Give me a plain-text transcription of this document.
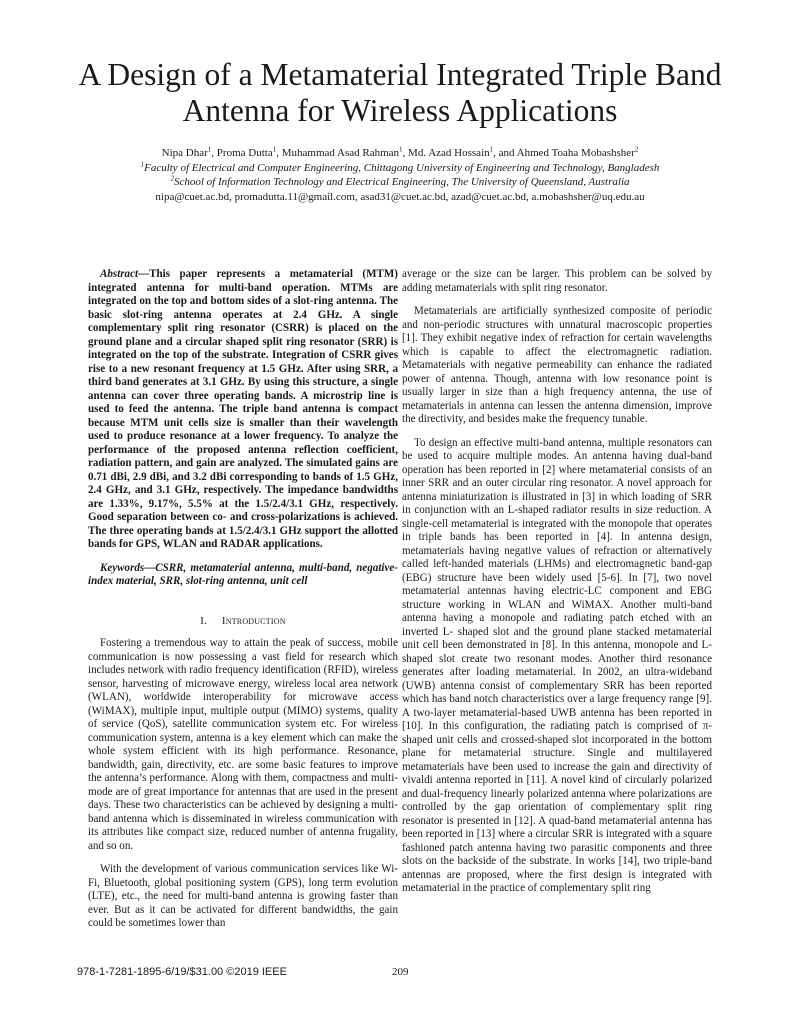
A Design of a Metamaterial Integrated Triple Band
Antenna for Wireless Applications
Nipa Dhar$^1$, Proma Dutta$^1$, Muhammad Asad Rahman$^1$, Md. Azad Hossain$^1$, and Ahmed Toaha Mobashsher$^2$
$^1$Faculty of Electrical and Computer Engineering, Chittagong University of Engineering and Technology, Bangladesh
$^2$School of Information Technology and Electrical Engineering, The University of Queensland, Australia
nipa@cuet.ac.bd, promadutta.11@gmail.com, asad31@cuet.ac.bd, azad@cuet.ac.bd, a.mobashsher@uq.edu.au

Abstract—This paper represents a metamaterial (MTM) integrated antenna for multi-band operation. MTMs are integrated on the top and bottom sides of a slot-ring antenna. The basic slot-ring antenna operates at 2.4 GHz. A single complementary split ring resonator (CSRR) is placed on the ground plane and a circular shaped split ring resonator (SRR) is integrated on the top of the substrate. Integration of CSRR gives rise to a new resonant frequency at 1.5 GHz. After using SRR, a third band generates at 3.1 GHz. By using this structure, a single antenna can cover three operating bands. A microstrip line is used to feed the antenna. The triple band antenna is compact because MTM unit cells size is smaller than their wavelength used to produce resonance at a lower frequency. To analyze the performance of the proposed antenna reflection coefficient, radiation pattern, and gain are analyzed. The simulated gains are 0.71 dBi, 2.9 dBi, and 3.2 dBi corresponding to bands of 1.5 GHz, 2.4 GHz, and 3.1 GHz, respectively. The impedance bandwidths are 1.33%, 9.17%, 5.5% at the 1.5/2.4/3.1 GHz, respectively. Good separation between co- and cross-polarizations is achieved. The three operating bands at 1.5/2.4/3.1 GHz support the allotted bands for GPS, WLAN and RADAR applications.

Keywords—CSRR, metamaterial antenna, multi-band, negative-index material, SRR, slot-ring antenna, unit cell

I. Introduction

Fostering a tremendous way to attain the peak of success, mobile communication is now possessing a vast field for research which includes network with radio frequency identification (RFID), wireless sensor, harvesting of microwave energy, wireless local area network (WLAN), worldwide interoperability for microwave access (WiMAX), multiple input, multiple output (MIMO) systems, quality of service (QoS), satellite communication system etc. For wireless communication system, antenna is a key element which can make the whole system efficient with its high performance. Resonance, bandwidth, gain, directivity, etc. are some basic features to improve the antenna’s performance. Along with them, compactness and multi-mode are of great importance for antennas that are used in the present days. These two characteristics can be achieved by designing a multi-band antenna which is disseminated in wireless communication with its attributes like compact size, reduced number of antenna frugality, and so on.

With the development of various communication services like Wi-Fi, Bluetooth, global positioning system (GPS), long term evolution (LTE), etc., the need for multi-band antenna is growing faster than ever. But as it can be activated for different bandwidths, the gain could be sometimes lower than

average or the size can be larger. This problem can be solved by adding metamaterials with split ring resonator.

Metamaterials are artificially synthesized composite of periodic and non-periodic structures with unnatural macroscopic properties [1]. They exhibit negative index of refraction for certain wavelengths which is capable to affect the electromagnetic radiation. Metamaterials with negative permeability can enhance the radiated power of antenna. Though, antenna with low resonance point is usually larger in size than a high frequency antenna, the use of metamaterials in antenna can lessen the antenna dimension, improve the directivity, and besides make the frequency tunable.

To design an effective multi-band antenna, multiple resonators can be used to acquire multiple modes. An antenna having dual-band operation has been reported in [2] where metamaterial consists of an inner SRR and an outer circular ring resonator. A novel approach for antenna miniaturization is illustrated in [3] in which loading of SRR in conjunction with an L-shaped radiator results in size reduction. A single-cell metamaterial is integrated with the monopole that operates in triple bands has been reported in [4]. In antenna design, metamaterials having negative values of refraction or alternatively called left-handed materials (LHMs) and electromagnetic band-gap (EBG) structure have been widely used [5-6]. In [7], two novel metamaterial antennas having electric-LC component and EBG structure working in WLAN and WiMAX. Another multi-band antenna having a monopole and radiating patch etched with an inverted L- shaped slot and the ground plane stacked metamaterial unit cell been demonstrated in [8]. In this antenna, monopole and L-shaped slot create two resonant modes. Another third resonance generates after loading metamaterial. In 2002, an ultra-wideband (UWB) antenna consist of complementary SRR has been reported which has band notch characteristics over a large frequency range [9]. A two-layer metamaterial-based UWB antenna has been reported in [10]. In this configuration, the radiating patch is comprised of π-shaped unit cells and crossed-shaped slot incorporated in the bottom plane for metamaterial structure. Single and multilayered metamaterials have been used to increase the gain and directivity of vivaldi antenna reported in [11]. A novel kind of circularly polarized and dual-frequency linearly polarized antenna where polarizations are controlled by the gap orientation of complementary split ring resonator is presented in [12]. A quad-band metamaterial antenna has been reported in [13] where a circular SRR is integrated with a square fashioned patch antenna having two parasitic components and three slots on the backside of the substrate. In works [14], two triple-band antennas are proposed, where the first design is integrated with metamaterial in the practice of complementary split ring

978-1-7281-1895-6/19/$31.00 ©2019 IEEE	209
